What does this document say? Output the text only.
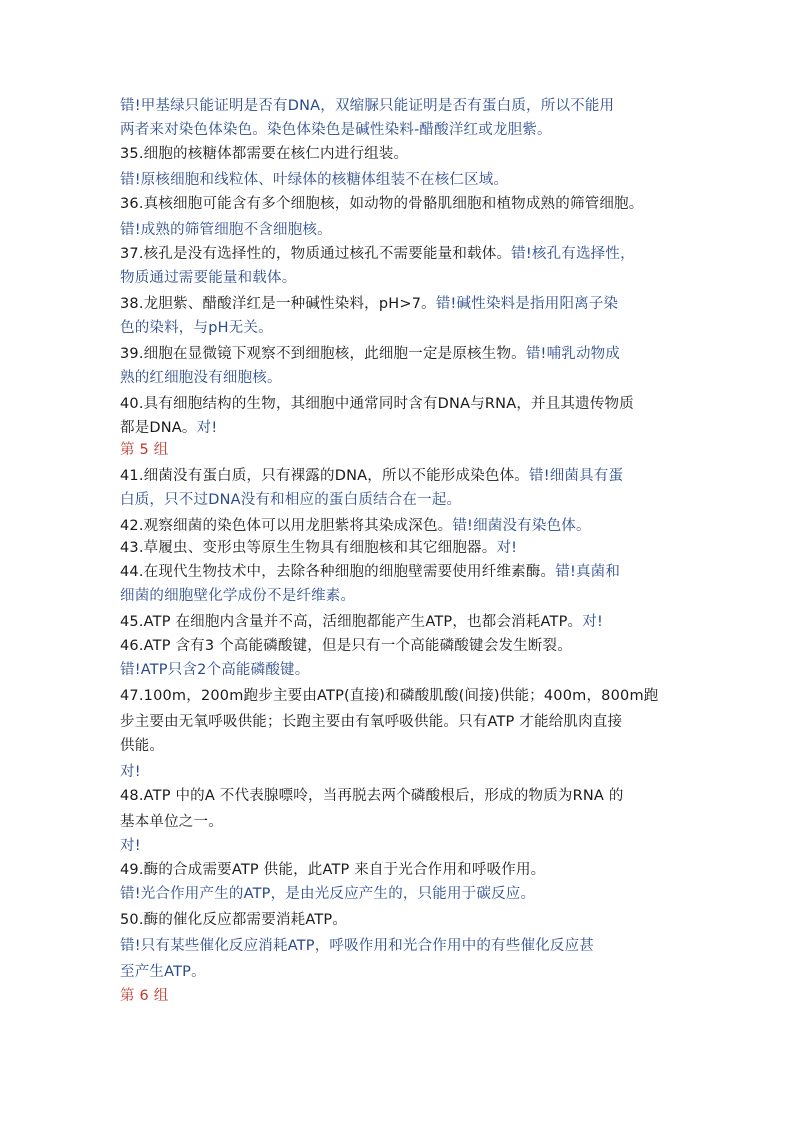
错!甲基绿只能证明是否有DNA，双缩脲只能证明是否有蛋白质，所以不能用
两者来对染色体染色。染色体染色是碱性染料-醋酸洋红或龙胆紫。
35.细胞的核糖体都需要在核仁内进行组装。
错!原核细胞和线粒体、叶绿体的核糖体组装不在核仁区域。
36.真核细胞可能含有多个细胞核，如动物的骨骼肌细胞和植物成熟的筛管细胞。
错!成熟的筛管细胞不含细胞核。
37.核孔是没有选择性的，物质通过核孔不需要能量和载体。错!核孔有选择性，
物质通过需要能量和载体。
38.龙胆紫、醋酸洋红是一种碱性染料，pH>7。错!碱性染料是指用阳离子染
色的染料，与pH无关。
39.细胞在显微镜下观察不到细胞核，此细胞一定是原核生物。错!哺乳动物成
熟的红细胞没有细胞核。
40.具有细胞结构的生物，其细胞中通常同时含有DNA与RNA，并且其遗传物质
都是DNA。对!
第 5 组
41.细菌没有蛋白质，只有裸露的DNA，所以不能形成染色体。错!细菌具有蛋
白质，只不过DNA没有和相应的蛋白质结合在一起。
42.观察细菌的染色体可以用龙胆紫将其染成深色。错!细菌没有染色体。
43.草履虫、变形虫等原生生物具有细胞核和其它细胞器。对!
44.在现代生物技术中，去除各种细胞的细胞壁需要使用纤维素酶。错!真菌和
细菌的细胞壁化学成份不是纤维素。
45.ATP 在细胞内含量并不高，活细胞都能产生ATP，也都会消耗ATP。对!
46.ATP 含有3 个高能磷酸键，但是只有一个高能磷酸键会发生断裂。
错!ATP只含2个高能磷酸键。
47.100m，200m跑步主要由ATP(直接)和磷酸肌酸(间接)供能；400m，800m跑
步主要由无氧呼吸供能；长跑主要由有氧呼吸供能。只有ATP 才能给肌肉直接
供能。
对!
48.ATP 中的A 不代表腺嘌呤，当再脱去两个磷酸根后，形成的物质为RNA 的
基本单位之一。
对!
49.酶的合成需要ATP 供能，此ATP 来自于光合作用和呼吸作用。
错!光合作用产生的ATP，是由光反应产生的，只能用于碳反应。
50.酶的催化反应都需要消耗ATP。
错!只有某些催化反应消耗ATP，呼吸作用和光合作用中的有些催化反应甚
至产生ATP。
第 6 组
